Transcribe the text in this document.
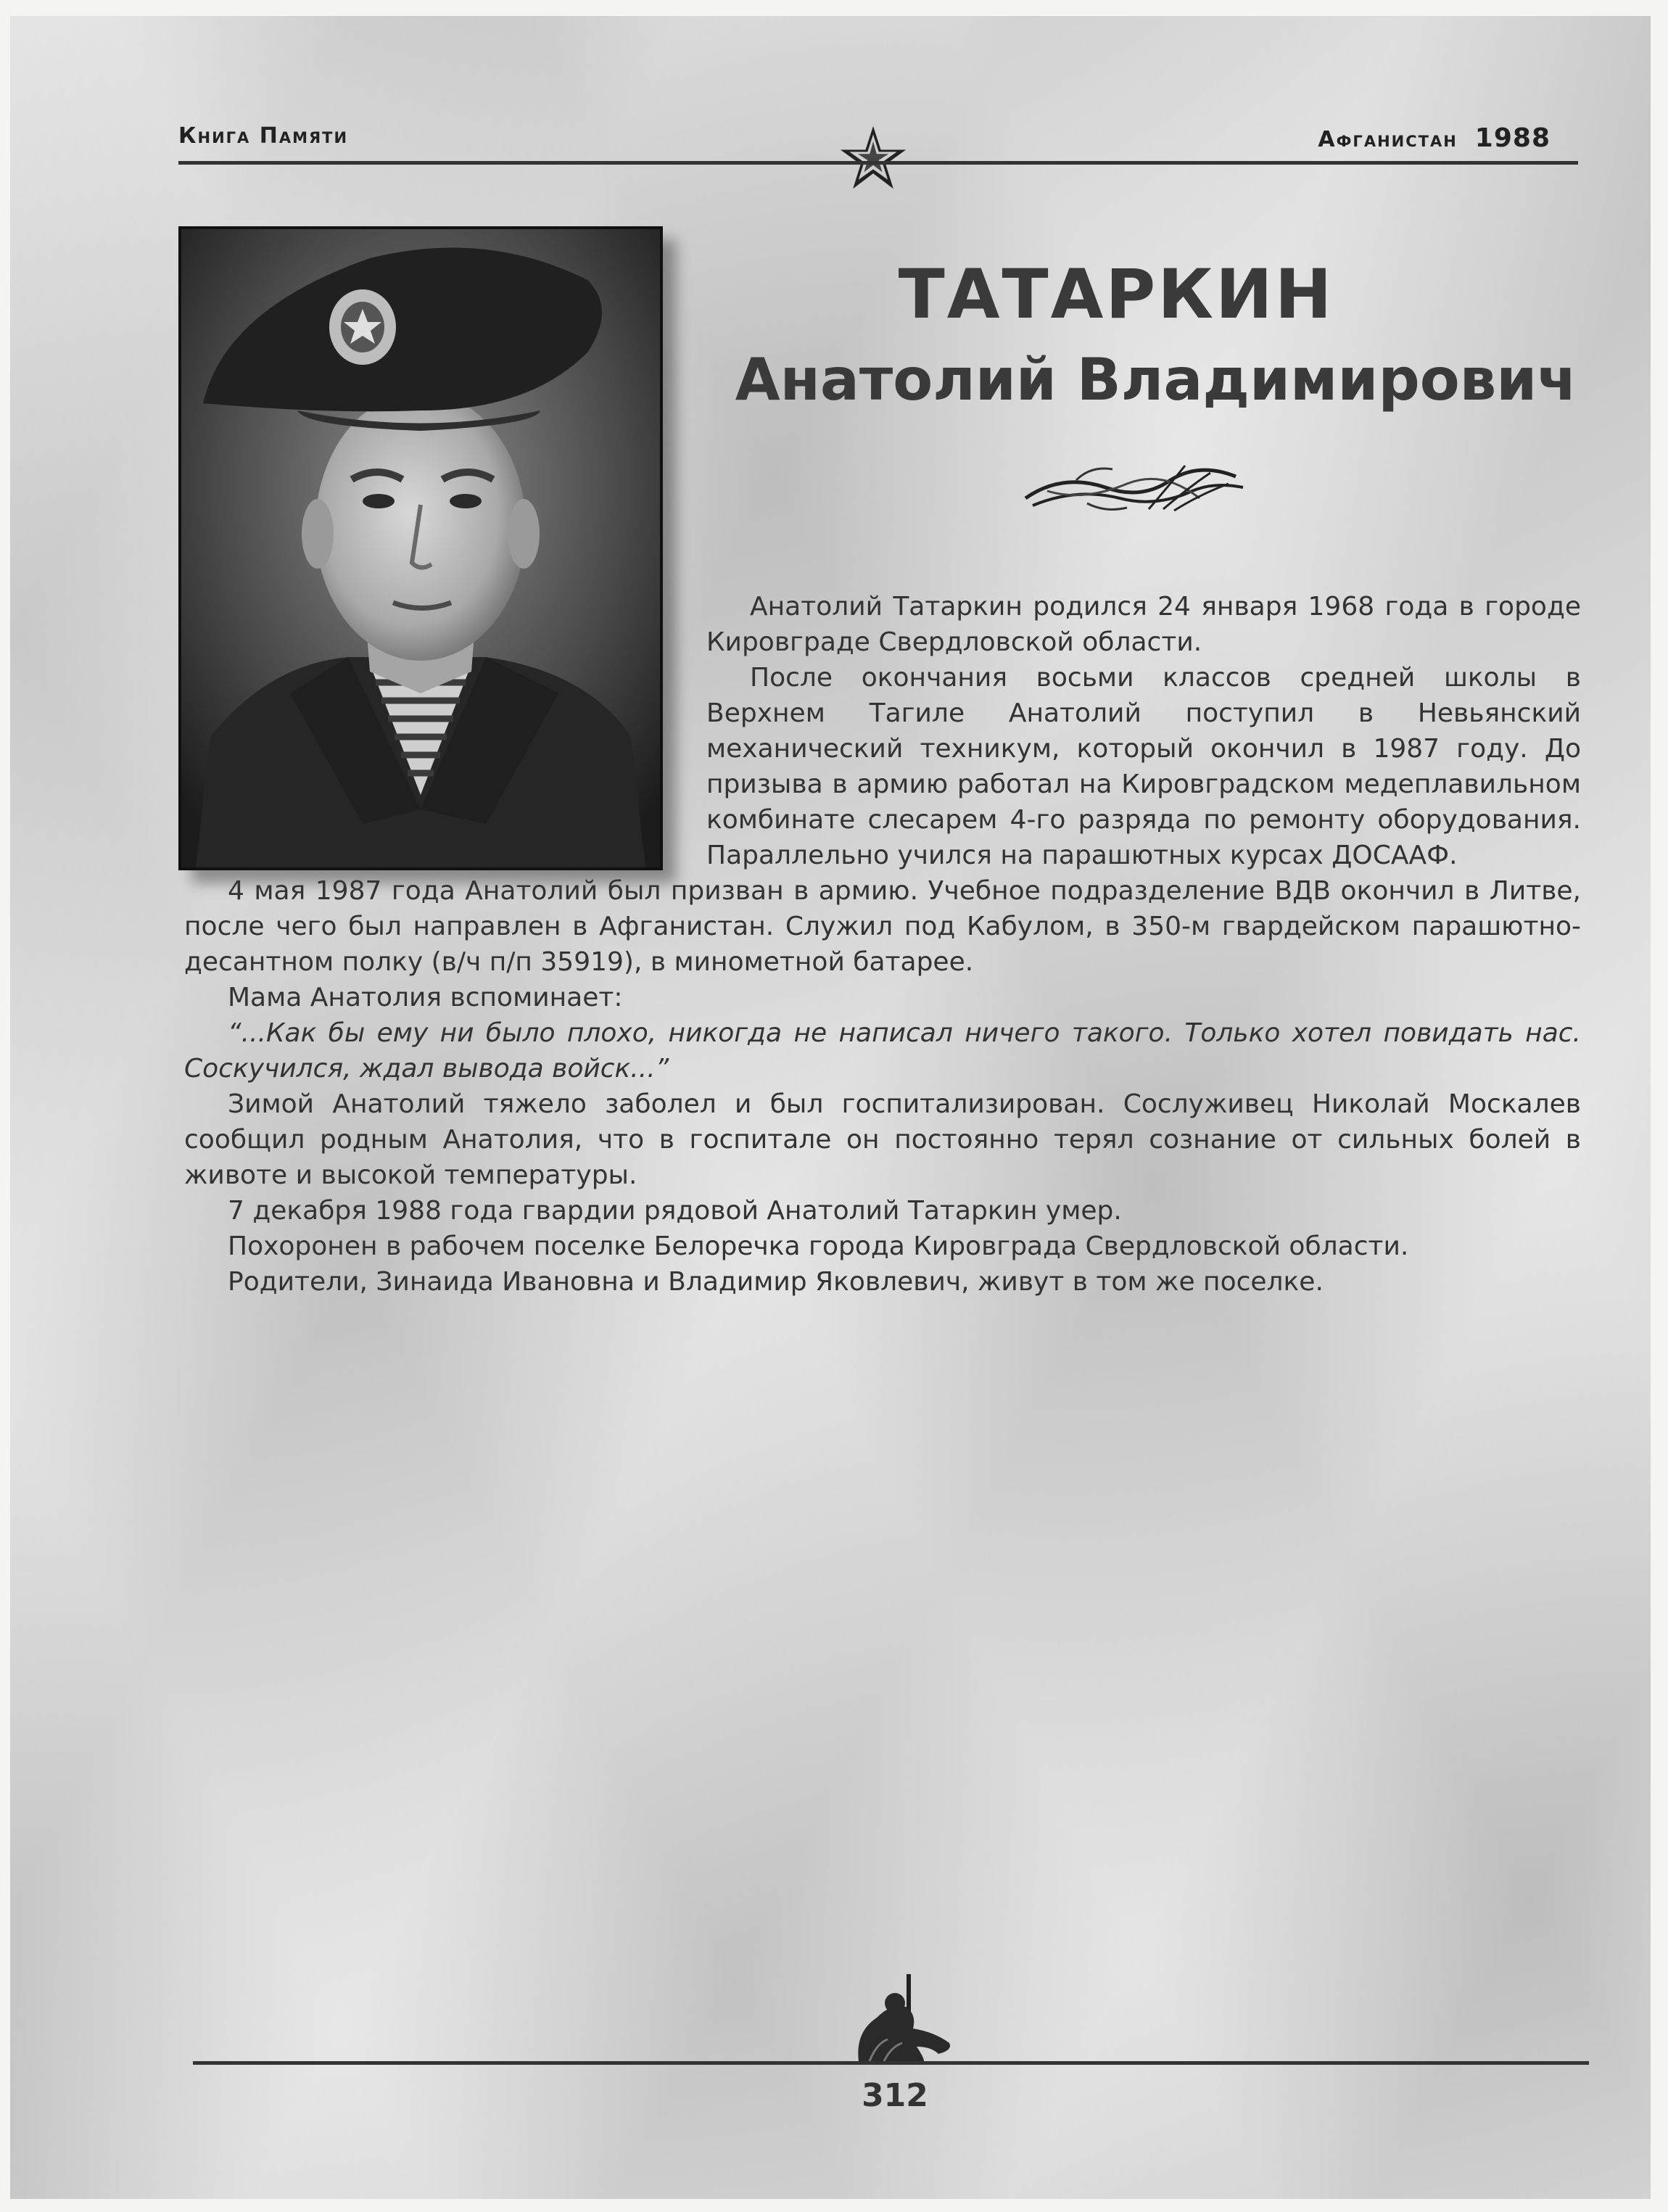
Книга Памяти	Афганистан 1988
ТАТАРКИН
Анатолий Владимирович

Анатолий Татаркин родился 24 января 1968 года в городе Кировграде Свердловской области.

После окончания восьми классов средней школы в Верхнем Тагиле Анатолий поступил в Невьянский механический техникум, который окончил в 1987 году. До призыва в армию работал на Кировградском медеплавильном комбинате слесарем 4-го разряда по ремонту оборудования. Параллельно учился на парашютных курсах ДОСААФ.

4 мая 1987 года Анатолий был призван в армию. Учебное подразделение ВДВ окончил в Литве, после чего был направлен в Афганистан. Служил под Кабулом, в 350-м гвардейском парашютно-десантном полку (в/ч п/п 35919), в минометной батарее.

Мама Анатолия вспоминает:

“...Как бы ему ни было плохо, никогда не написал ничего такого. Только хотел повидать нас. Соскучился, ждал вывода войск...”

Зимой Анатолий тяжело заболел и был госпитализирован. Сослуживец Николай Москалев сообщил родным Анатолия, что в госпитале он постоянно терял сознание от сильных болей в животе и высокой температуры.

7 декабря 1988 года гвардии рядовой Анатолий Татаркин умер.

Похоронен в рабочем поселке Белоречка города Кировграда Свердловской области.

Родители, Зинаида Ивановна и Владимир Яковлевич, живут в том же поселке.

312
